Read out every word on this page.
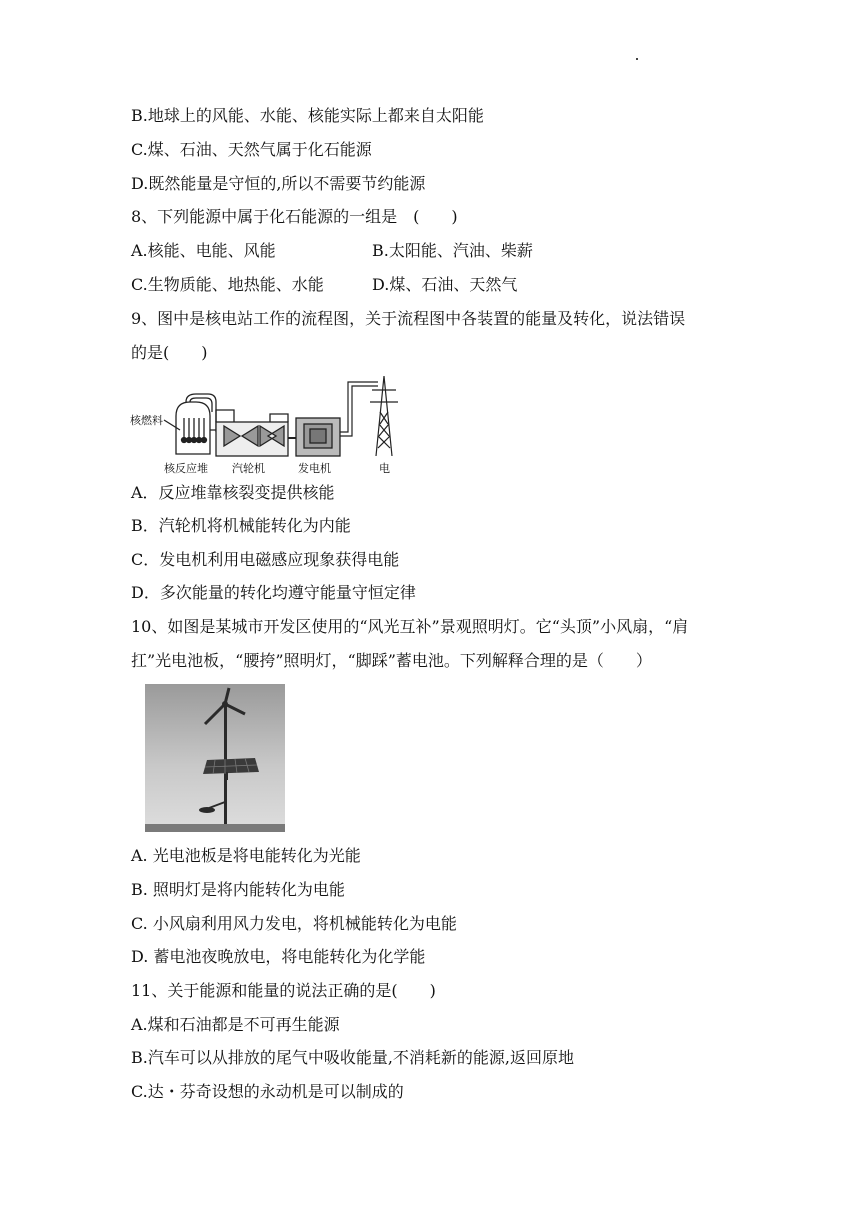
B.地球上的风能、水能、核能实际上都来自太阳能
C.煤、石油、天然气属于化石能源
D.既然能量是守恒的,所以不需要节约能源
8、下列能源中属于化石能源的一组是　(　　)
A.核能、电能、风能	B.太阳能、汽油、柴薪
C.生物质能、地热能、水能	D.煤、石油、天然气
9、图中是核电站工作的流程图，关于流程图中各装置的能量及转化，说法错误
的是(　　)
核燃料
核反应堆 汽轮机	发电机	电
A．反应堆靠核裂变提供核能
B．汽轮机将机械能转化为内能
C．发电机利用电磁感应现象获得电能
D．多次能量的转化均遵守能量守恒定律
10、如图是某城市开发区使用的“风光互补”景观照明灯。它“头顶”小风扇，“肩
扛”光电池板，“腰挎”照明灯，“脚踩”蓄电池。下列解释合理的是（　　）
A. 光电池板是将电能转化为光能
B. 照明灯是将内能转化为电能
C. 小风扇利用风力发电，将机械能转化为电能
D. 蓄电池夜晚放电，将电能转化为化学能
11、关于能源和能量的说法正确的是(　　)
A.煤和石油都是不可再生能源
B.汽车可以从排放的尾气中吸收能量,不消耗新的能源,返回原地
C.达・芬奇设想的永动机是可以制成的
